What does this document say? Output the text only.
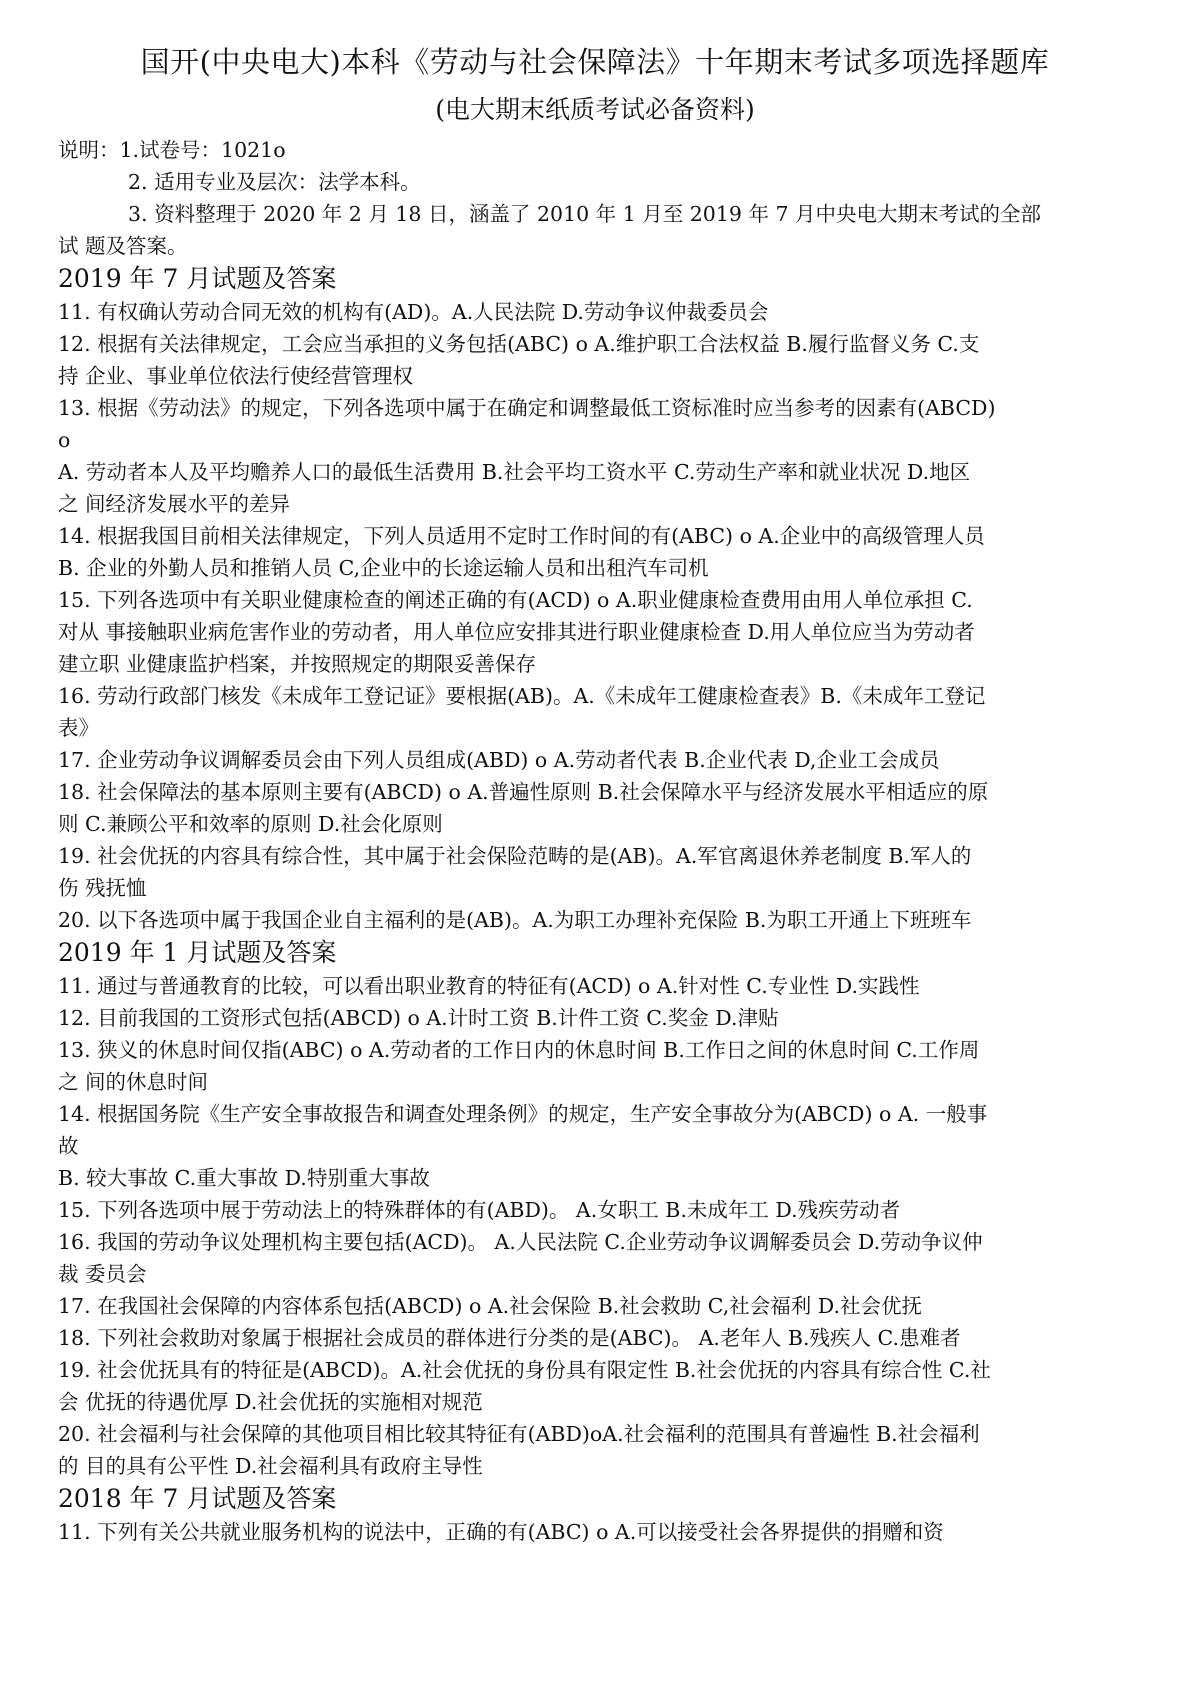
国开(中央电大)本科《劳动与社会保障法》十年期末考试多项选择题库
(电大期末纸质考试必备资料)
说明：1.试卷号：1021o
2. 适用专业及层次：法学本科。
3. 资料整理于 2020 年 2 月 18 日，涵盖了 2010 年 1 月至 2019 年 7 月中央电大期末考试的全部
试 题及答案。
2019 年 7 月试题及答案
11. 有权确认劳动合同无效的机构有(AD)。A.人民法院 D.劳动争议仲裁委员会
12. 根据有关法律规定，工会应当承担的义务包括(ABC) o A.维护职工合法权益 B.履行监督义务 C.支
持 企业、事业单位依法行使经营管理权
13. 根据《劳动法》的规定，下列各选项中属于在确定和调整最低工资标准时应当参考的因素有(ABCD)
o
A. 劳动者本人及平均赡养人口的最低生活费用 B.社会平均工资水平 C.劳动生产率和就业状况 D.地区
之 间经济发展水平的差异
14. 根据我国目前相关法律规定，下列人员适用不定时工作时间的有(ABC) o A.企业中的高级管理人员
B. 企业的外勤人员和推销人员 C,企业中的长途运输人员和出租汽车司机
15. 下列各选项中有关职业健康检查的阐述正确的有(ACD) o A.职业健康检查费用由用人单位承担 C.
对从 事接触职业病危害作业的劳动者，用人单位应安排其进行职业健康检查 D.用人单位应当为劳动者
建立职 业健康监护档案，并按照规定的期限妥善保存
16. 劳动行政部门核发《未成年工登记证》要根据(AB)。A.《未成年工健康检查表》B.《未成年工登记
表》
17. 企业劳动争议调解委员会由下列人员组成(ABD) o A.劳动者代表 B.企业代表 D,企业工会成员
18. 社会保障法的基本原则主要有(ABCD) o A.普遍性原则 B.社会保障水平与经济发展水平相适应的原
则 C.兼顾公平和效率的原则 D.社会化原则
19. 社会优抚的内容具有综合性，其中属于社会保险范畴的是(AB)。A.军官离退休养老制度 B.军人的
伤 残抚恤
20. 以下各选项中属于我国企业自主福利的是(AB)。A.为职工办理补充保险 B.为职工开通上下班班车
2019 年 1 月试题及答案
11. 通过与普通教育的比较，可以看出职业教育的特征有(ACD) o A.针对性 C.专业性 D.实践性
12. 目前我国的工资形式包括(ABCD) o A.计时工资 B.计件工资 C.奖金 D.津贴
13. 狭义的休息时间仅指(ABC) o A.劳动者的工作日内的休息时间 B.工作日之间的休息时间 C.工作周
之 间的休息时间
14. 根据国务院《生产安全事故报告和调查处理条例》的规定，生产安全事故分为(ABCD) o A. 一般事
故
B. 较大事故 C.重大事故 D.特别重大事故
15. 下列各选项中展于劳动法上的特殊群体的有(ABD)。 A.女职工 B.未成年工 D.残疾劳动者
16. 我国的劳动争议处理机构主要包括(ACD)。 A.人民法院 C.企业劳动争议调解委员会 D.劳动争议仲
裁 委员会
17. 在我国社会保障的内容体系包括(ABCD) o A.社会保险 B.社会救助 C,社会福利 D.社会优抚
18. 下列社会救助对象属于根据社会成员的群体进行分类的是(ABC)。 A.老年人 B.残疾人 C.患难者
19. 社会优抚具有的特征是(ABCD)。A.社会优抚的身份具有限定性 B.社会优抚的内容具有综合性 C.社
会 优抚的待遇优厚 D.社会优抚的实施相对规范
20. 社会福利与社会保障的其他项目相比较其特征有(ABD)oA.社会福利的范围具有普遍性 B.社会福利
的 目的具有公平性 D.社会福利具有政府主导性
2018 年 7 月试题及答案
11. 下列有关公共就业服务机构的说法中，正确的有(ABC) o A.可以接受社会各界提供的捐赠和资
